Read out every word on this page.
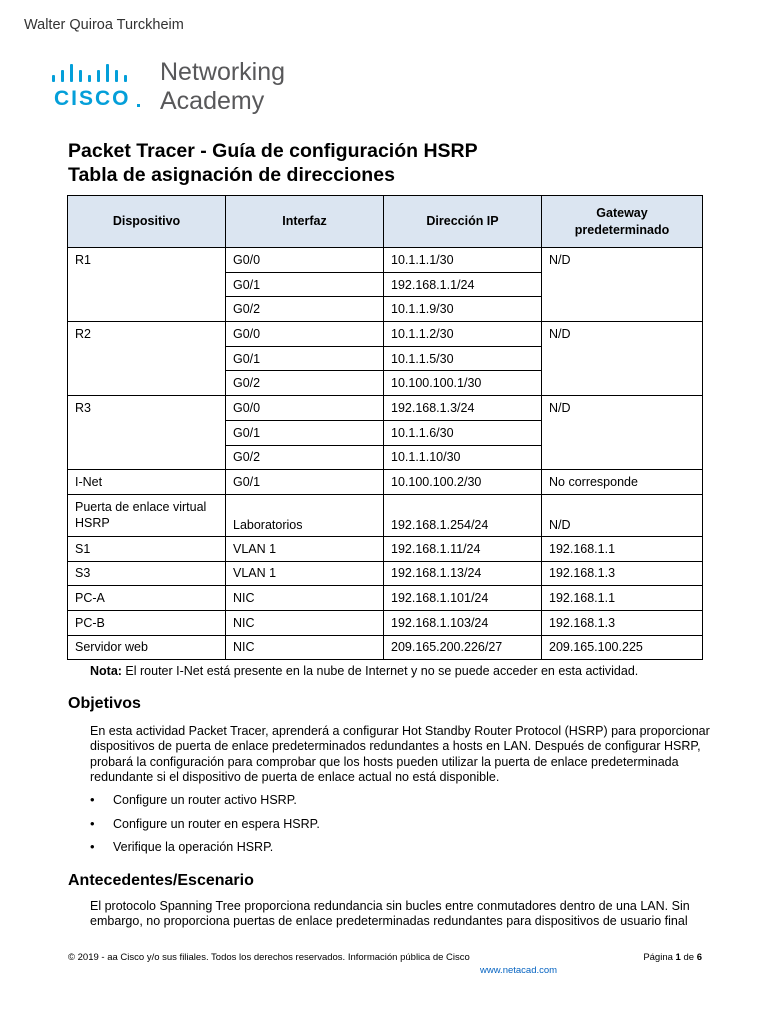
Walter Quiroa Turckheim
CISCO
Networking
Academy
Packet Tracer - Guía de configuración HSRP
Tabla de asignación de direcciones
Dispositivo	Interfaz	Dirección IP	Gateway predeterminado
R1	G0/0	10.1.1.1/30	N/D
	G0/1	192.168.1.1/24	
	G0/2	10.1.1.9/30	
R2	G0/0	10.1.1.2/30	N/D
	G0/1	10.1.1.5/30	
	G0/2	10.100.100.1/30	
R3	G0/0	192.168.1.3/24	N/D
	G0/1	10.1.1.6/30	
	G0/2	10.1.1.10/30	
I-Net	G0/1	10.100.100.2/30	No corresponde
Puerta de enlace virtual HSRP	Laboratorios	192.168.1.254/24	N/D
S1	VLAN 1	192.168.1.11/24	192.168.1.1
S3	VLAN 1	192.168.1.13/24	192.168.1.3
PC-A	NIC	192.168.1.101/24	192.168.1.1
PC-B	NIC	192.168.1.103/24	192.168.1.3
Servidor web	NIC	209.165.200.226/27	209.165.100.225
Nota: El router I-Net está presente en la nube de Internet y no se puede acceder en esta actividad.
Objetivos

En esta actividad Packet Tracer, aprenderá a configurar Hot Standby Router Protocol (HSRP) para proporcionar dispositivos de puerta de enlace predeterminados redundantes a hosts en LAN. Después de configurar HSRP, probará la configuración para comprobar que los hosts pueden utilizar la puerta de enlace predeterminada redundante si el dispositivo de puerta de enlace actual no está disponible.

• Configure un router activo HSRP.
• Configure un router en espera HSRP.
• Verifique la operación HSRP.
Antecedentes/Escenario

El protocolo Spanning Tree proporciona redundancia sin bucles entre conmutadores dentro de una LAN. Sin embargo, no proporciona puertas de enlace predeterminadas redundantes para dispositivos de usuario final

© 2019 - aa Cisco y/o sus filiales. Todos los derechos reservados. Información pública de Cisco	Página 1 de 6
www.netacad.com
